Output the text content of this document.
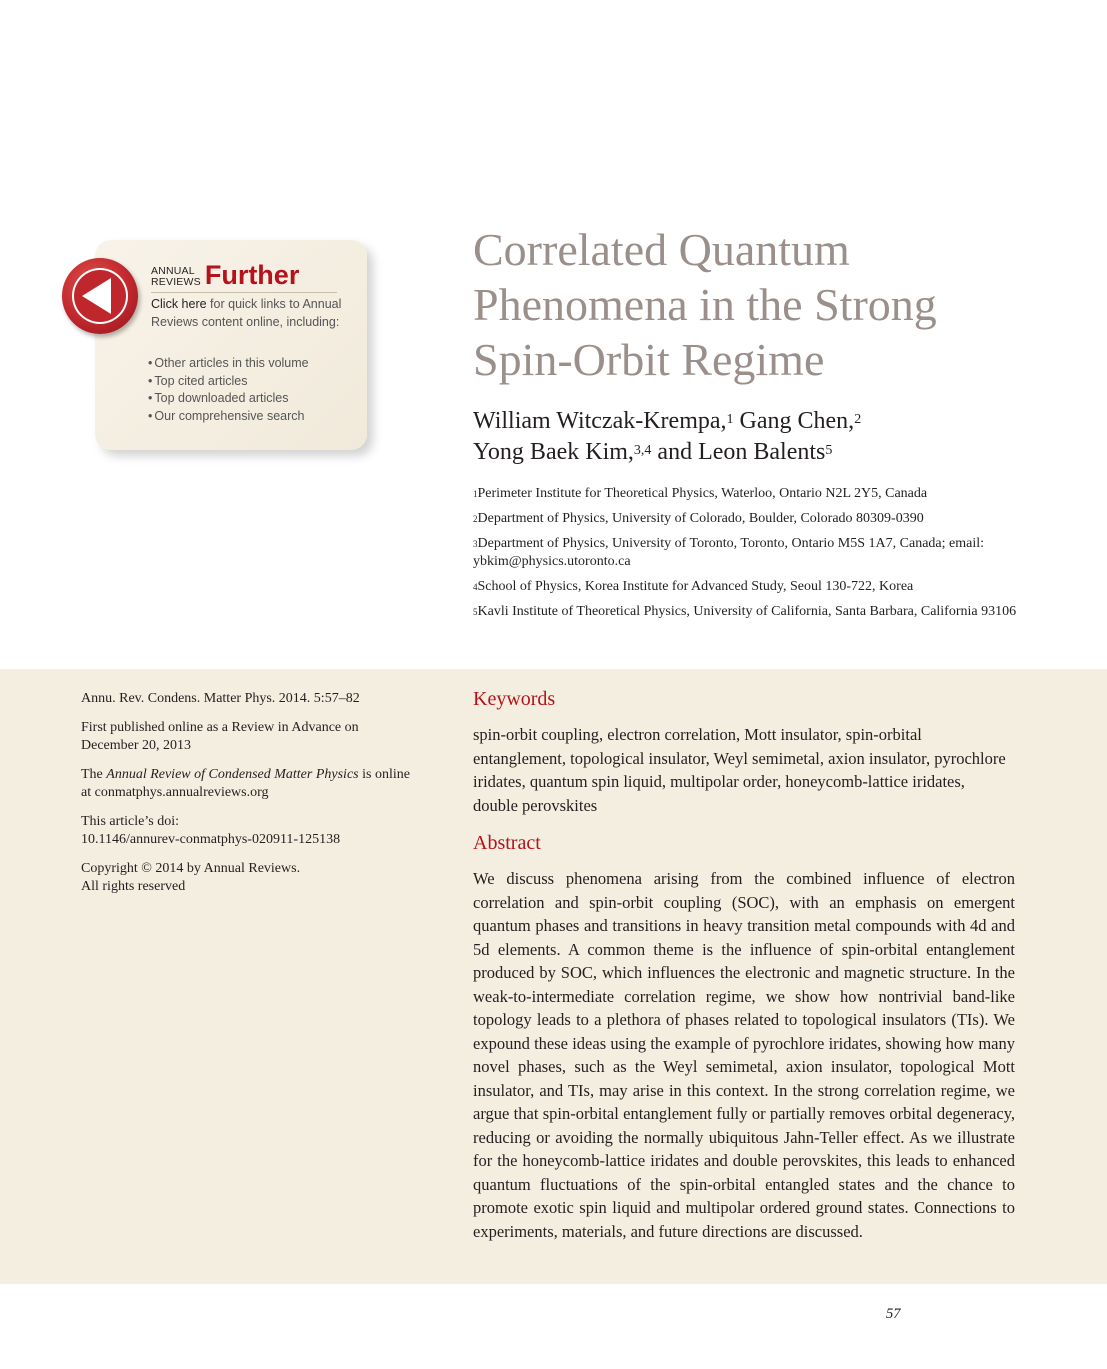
ANNUAL
REVIEWS Further
Click here for quick links to Annual Reviews content online, including:
• Other articles in this volume
• Top cited articles
• Top downloaded articles
• Our comprehensive search
Correlated Quantum
Phenomena in the Strong
Spin-Orbit Regime
William Witczak-Krempa,$^1$ Gang Chen,$^2$
Yong Baek Kim,$^{3,4}$ and Leon Balents$^5$
$^1$Perimeter Institute for Theoretical Physics, Waterloo, Ontario N2L 2Y5, Canada
$^2$Department of Physics, University of Colorado, Boulder, Colorado 80309-0390
$^3$Department of Physics, University of Toronto, Toronto, Ontario M5S 1A7, Canada; email: ybkim@physics.utoronto.ca
$^4$School of Physics, Korea Institute for Advanced Study, Seoul 130-722, Korea
$^5$Kavli Institute of Theoretical Physics, University of California, Santa Barbara, California 93106

Annu. Rev. Condens. Matter Phys. 2014. 5:57–82

First published online as a Review in Advance on December 20, 2013

The Annual Review of Condensed Matter Physics is online at conmatphys.annualreviews.org

This article’s doi:
10.1146/annurev-conmatphys-020911-125138

Copyright © 2014 by Annual Reviews.
All rights reserved

Keywords
spin-orbit coupling, electron correlation, Mott insulator, spin-orbital entanglement, topological insulator, Weyl semimetal, axion insulator, pyrochlore iridates, quantum spin liquid, multipolar order, honeycomb-lattice iridates, double perovskites
Abstract
We discuss phenomena arising from the combined influence of electron correlation and spin-orbit coupling (SOC), with an emphasis on emergent quantum phases and transitions in heavy transition metal compounds with 4d and 5d elements. A common theme is the influence of spin-orbital entanglement produced by SOC, which influences the electronic and magnetic structure. In the weak-to-intermediate correlation regime, we show how nontrivial band-like topology leads to a plethora of phases related to topological insulators (TIs). We expound these ideas using the example of pyrochlore iridates, showing how many novel phases, such as the Weyl semimetal, axion insulator, topological Mott insulator, and TIs, may arise in this context. In the strong correlation regime, we argue that spin-orbital entanglement fully or partially removes orbital degeneracy, reducing or avoiding the normally ubiquitous Jahn-Teller effect. As we illustrate for the honeycomb-lattice iridates and double perovskites, this leads to enhanced quantum fluctuations of the spin-orbital entangled states and the chance to promote exotic spin liquid and multipolar ordered ground states. Connections to experiments, materials, and future directions are discussed.
57
